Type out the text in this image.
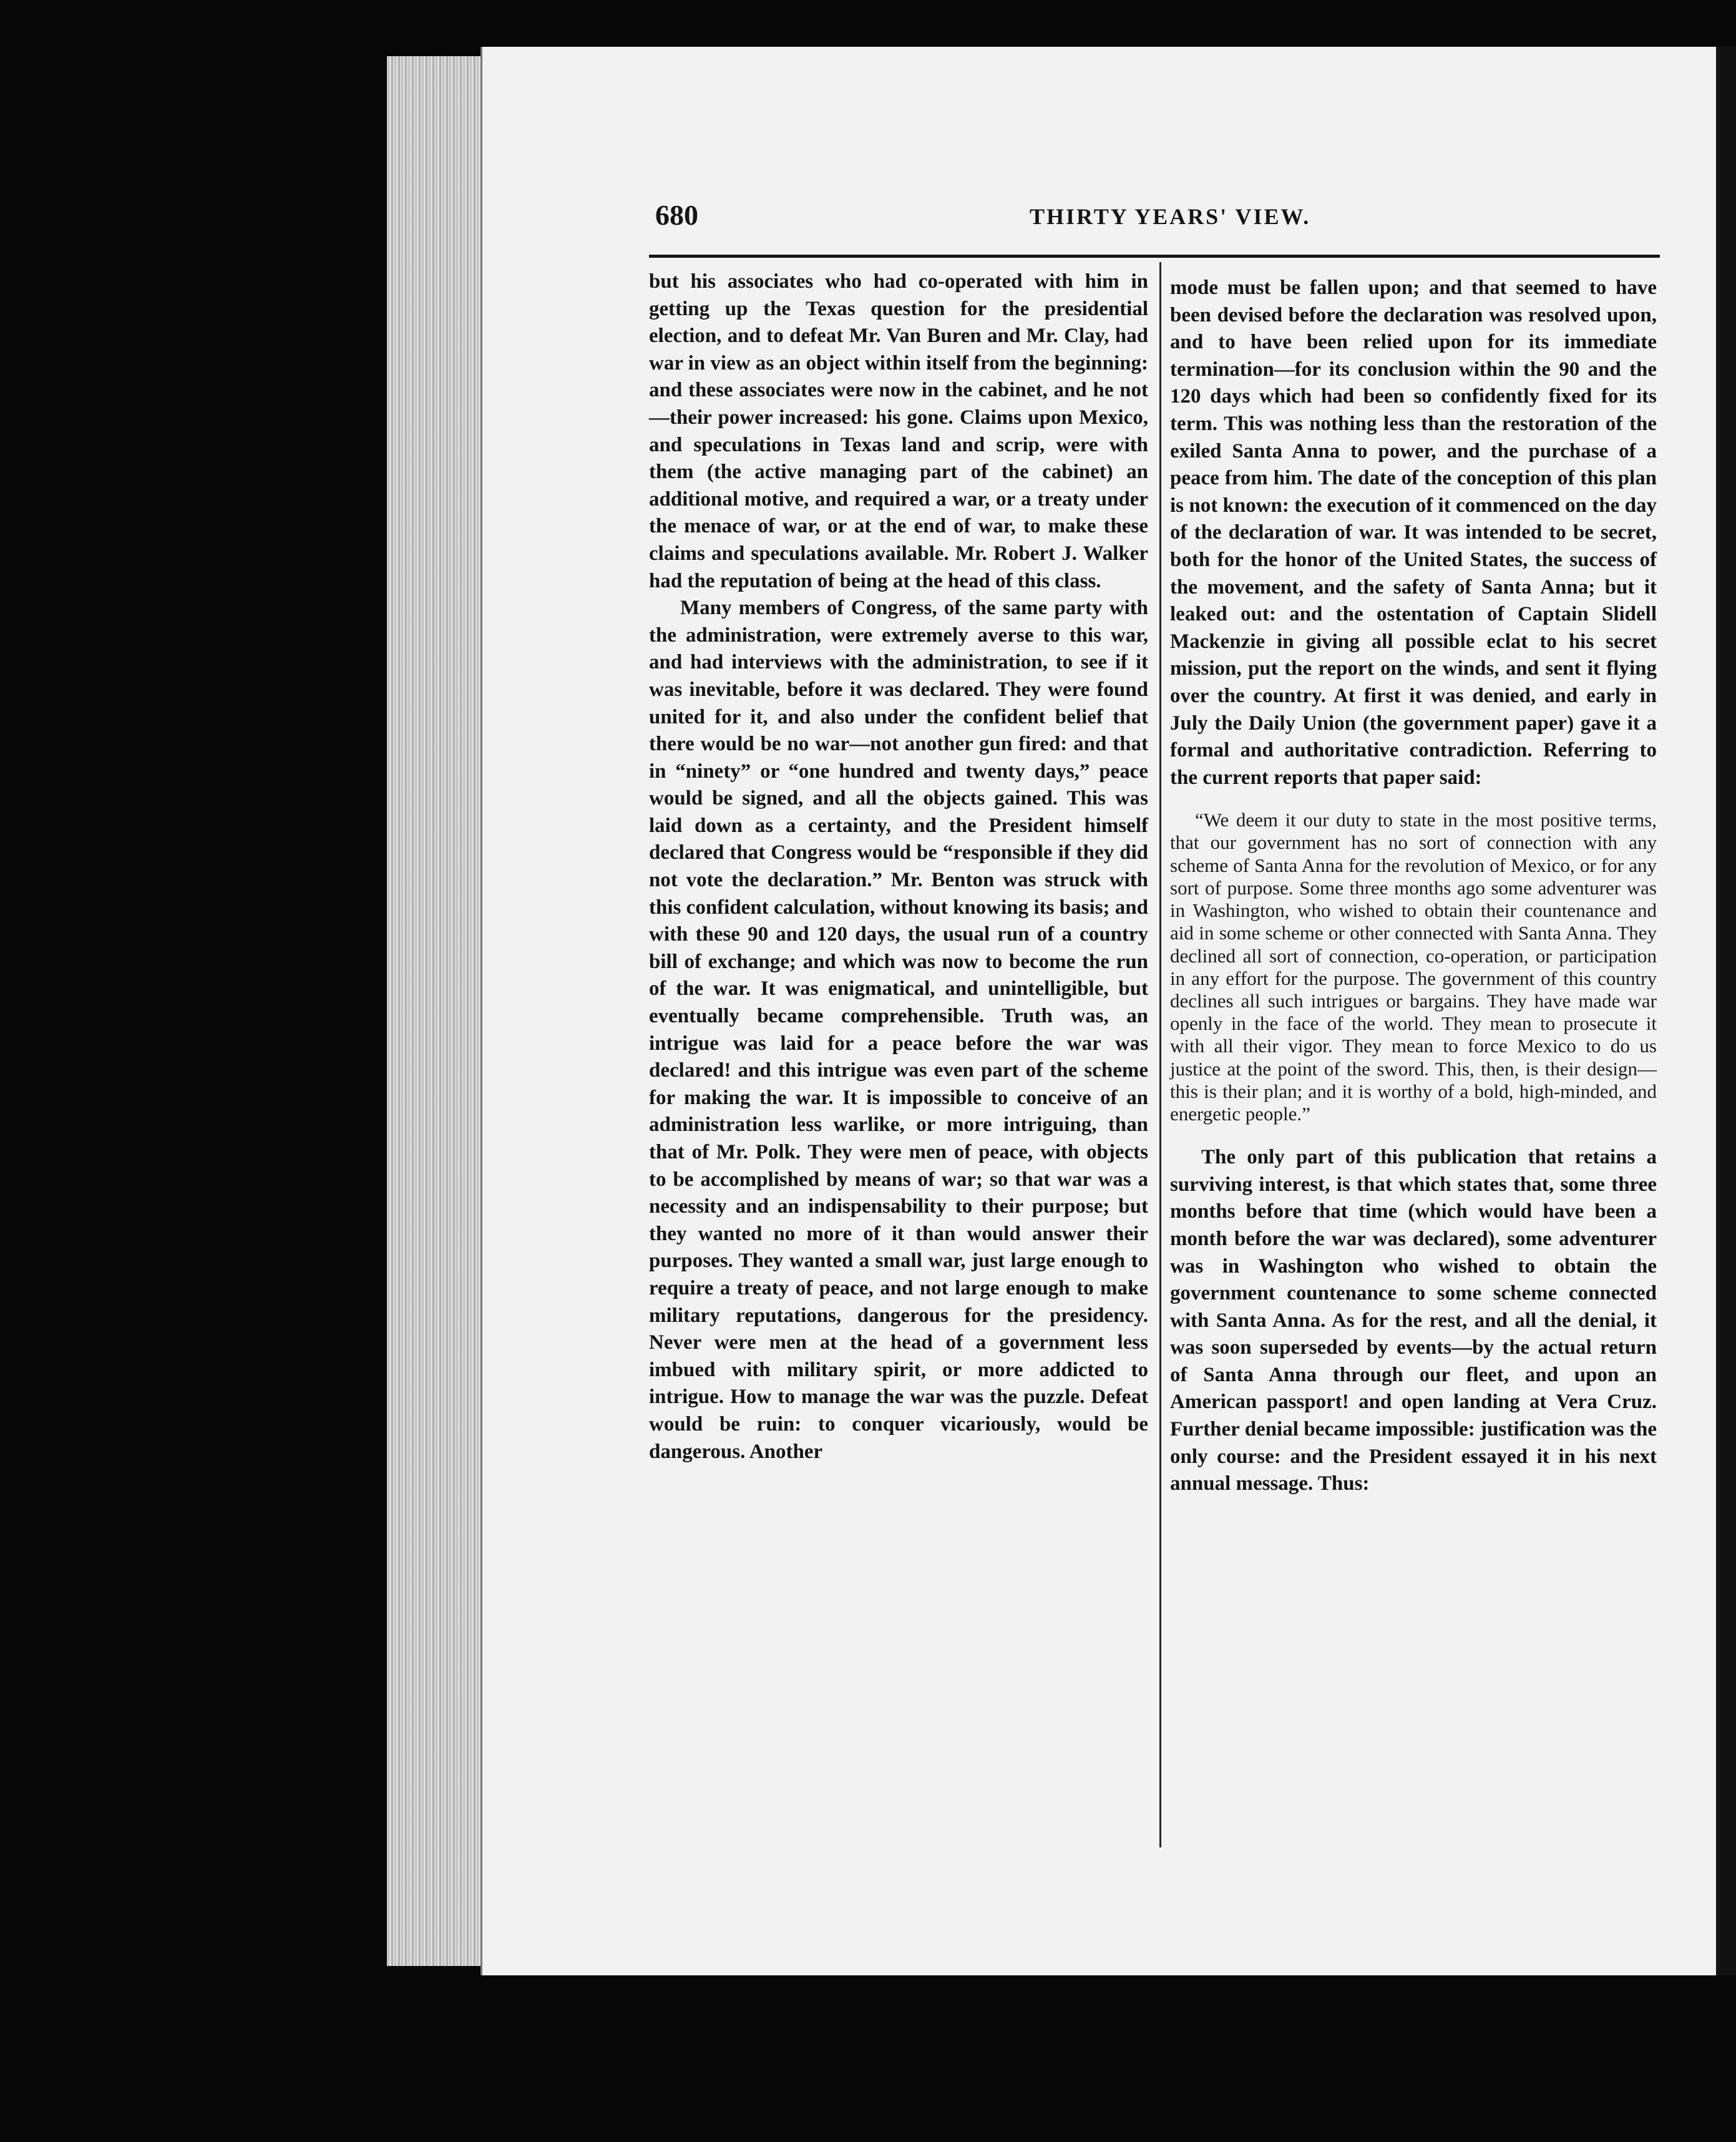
680	THIRTY YEARS' VIEW.

but his associates who had co-operated with him in getting up the Texas question for the presidential election, and to defeat Mr. Van Buren and Mr. Clay, had war in view as an object within itself from the beginning: and these associates were now in the cabinet, and he not —their power increased: his gone. Claims upon Mexico, and speculations in Texas land and scrip, were with them (the active managing part of the cabinet) an additional motive, and required a war, or a treaty under the menace of war, or at the end of war, to make these claims and speculations available. Mr. Robert J. Walker had the reputation of being at the head of this class.

Many members of Congress, of the same party with the administration, were extremely averse to this war, and had interviews with the administration, to see if it was inevitable, before it was declared. They were found united for it, and also under the confident belief that there would be no war—not another gun fired: and that in “ninety” or “one hundred and twenty days,” peace would be signed, and all the objects gained. This was laid down as a certainty, and the President himself declared that Congress would be “responsible if they did not vote the declaration.” Mr. Benton was struck with this confident calculation, without knowing its basis; and with these 90 and 120 days, the usual run of a country bill of exchange; and which was now to become the run of the war. It was enigmatical, and unintelligible, but eventually became comprehensible. Truth was, an intrigue was laid for a peace before the war was declared! and this intrigue was even part of the scheme for making the war. It is impossible to conceive of an administration less warlike, or more intriguing, than that of Mr. Polk. They were men of peace, with objects to be accomplished by means of war; so that war was a necessity and an indispensability to their purpose; but they wanted no more of it than would answer their purposes. They wanted a small war, just large enough to require a treaty of peace, and not large enough to make military reputations, dangerous for the presidency. Never were men at the head of a government less imbued with military spirit, or more addicted to intrigue. How to manage the war was the puzzle. Defeat would be ruin: to conquer vicariously, would be dangerous. Another

mode must be fallen upon; and that seemed to have been devised before the declaration was resolved upon, and to have been relied upon for its immediate termination—for its conclusion within the 90 and the 120 days which had been so confidently fixed for its term. This was nothing less than the restoration of the exiled Santa Anna to power, and the purchase of a peace from him. The date of the conception of this plan is not known: the execution of it commenced on the day of the declaration of war. It was intended to be secret, both for the honor of the United States, the success of the movement, and the safety of Santa Anna; but it leaked out: and the ostentation of Captain Slidell Mackenzie in giving all possible eclat to his secret mission, put the report on the winds, and sent it flying over the country. At first it was denied, and early in July the Daily Union (the government paper) gave it a formal and authoritative contradiction. Referring to the current reports that paper said:

“We deem it our duty to state in the most positive terms, that our government has no sort of connection with any scheme of Santa Anna for the revolution of Mexico, or for any sort of purpose. Some three months ago some adventurer was in Washington, who wished to obtain their countenance and aid in some scheme or other connected with Santa Anna. They declined all sort of connection, co-operation, or participation in any effort for the purpose. The government of this country declines all such intrigues or bargains. They have made war openly in the face of the world. They mean to prosecute it with all their vigor. They mean to force Mexico to do us justice at the point of the sword. This, then, is their design—this is their plan; and it is worthy of a bold, high-minded, and energetic people.”

The only part of this publication that retains a surviving interest, is that which states that, some three months before that time (which would have been a month before the war was declared), some adventurer was in Washington who wished to obtain the government countenance to some scheme connected with Santa Anna. As for the rest, and all the denial, it was soon superseded by events—by the actual return of Santa Anna through our fleet, and upon an American passport! and open landing at Vera Cruz. Further denial became impossible: justification was the only course: and the President essayed it in his next annual message. Thus:
